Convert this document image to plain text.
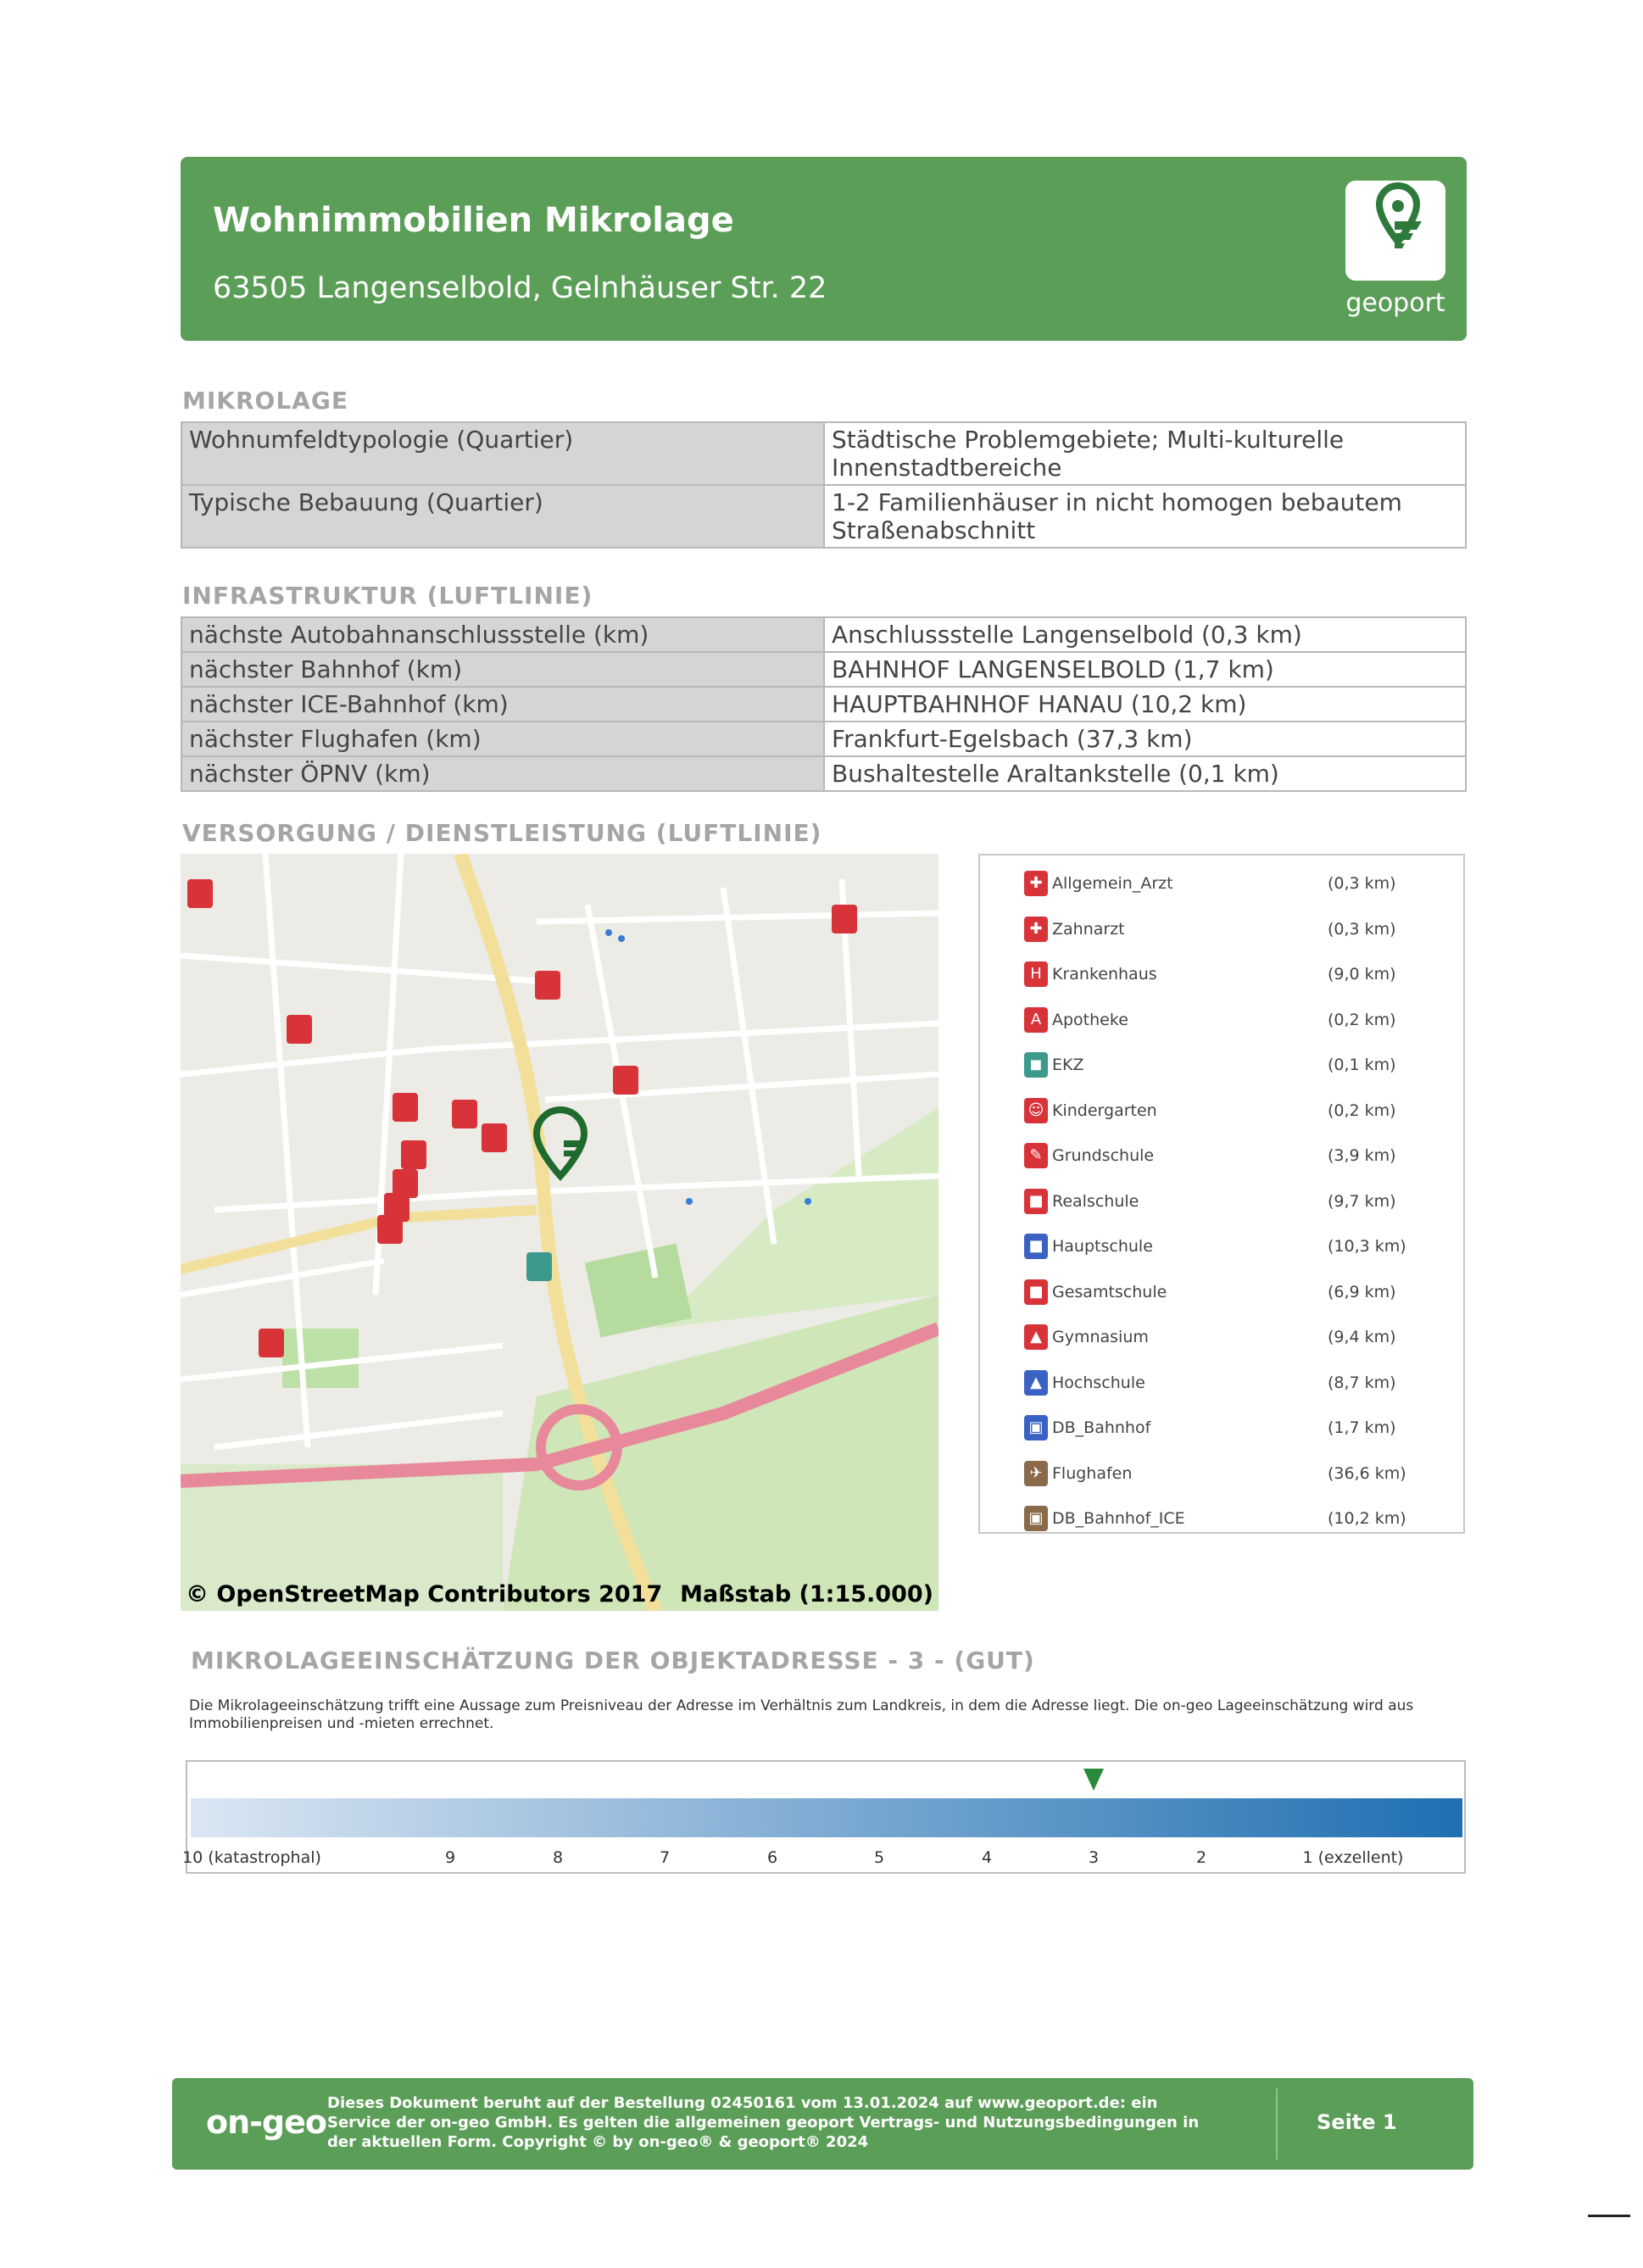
Wohnimmobilien Mikrolage
63505 Langenselbold, Gelnhäuser Str. 22	geoport
MIKROLAGE
Wohnumfeldtypologie (Quartier)	Städtische Problemgebiete; Multi-kulturelle Innenstadtbereiche
Typische Bebauung (Quartier)	1-2 Familienhäuser in nicht homogen bebautem Straßenabschnitt
INFRASTRUKTUR (LUFTLINIE)
nächste Autobahnanschlussstelle (km)	Anschlussstelle Langenselbold (0,3 km)
nächster Bahnhof (km)	BAHNHOF LANGENSELBOLD (1,7 km)
nächster ICE-Bahnhof (km)	HAUPTBAHNHOF HANAU (10,2 km)
nächster Flughafen (km)	Frankfurt-Egelsbach (37,3 km)
nächster ÖPNV (km)	Bushaltestelle Araltankstelle (0,1 km)
VERSORGUNG / DIENSTLEISTUNG (LUFTLINIE)
© OpenStreetMap Contributors 2017 Maßstab (1:15.000)
✚ Allgemein_Arzt	(0,3 km)
✚ Zahnarzt	(0,3 km)
H Krankenhaus	(9,0 km)
A Apotheke	(0,2 km)
◼ EKZ	(0,1 km)
☺ Kindergarten	(0,2 km)
✎ Grundschule	(3,9 km)
■ Realschule	(9,7 km)
■ Hauptschule	(10,3 km)
■ Gesamtschule	(6,9 km)
▲ Gymnasium	(9,4 km)
▲ Hochschule	(8,7 km)
▣ DB_Bahnhof	(1,7 km)
✈ Flughafen	(36,6 km)
▣ DB_Bahnhof_ICE	(10,2 km)
MIKROLAGEEINSCHÄTZUNG DER OBJEKTADRESSE - 3 - (GUT)
Die Mikrolageeinschätzung trifft eine Aussage zum Preisniveau der Adresse im Verhältnis zum Landkreis, in dem die Adresse liegt. Die on-geo Lageeinschätzung wird aus Immobilienpreisen und -mieten errechnet.
10 (katastrophal)	9	8	7	6	5	4	3	2	1 (exzellent)
on-geo
Dieses Dokument beruht auf der Bestellung 02450161 vom 13.01.2024 auf www.geoport.de: ein Service der on-geo GmbH. Es gelten die allgemeinen geoport Vertrags- und Nutzungsbedingungen in der aktuellen Form. Copyright © by on-geo® & geoport® 2024
Seite 1
